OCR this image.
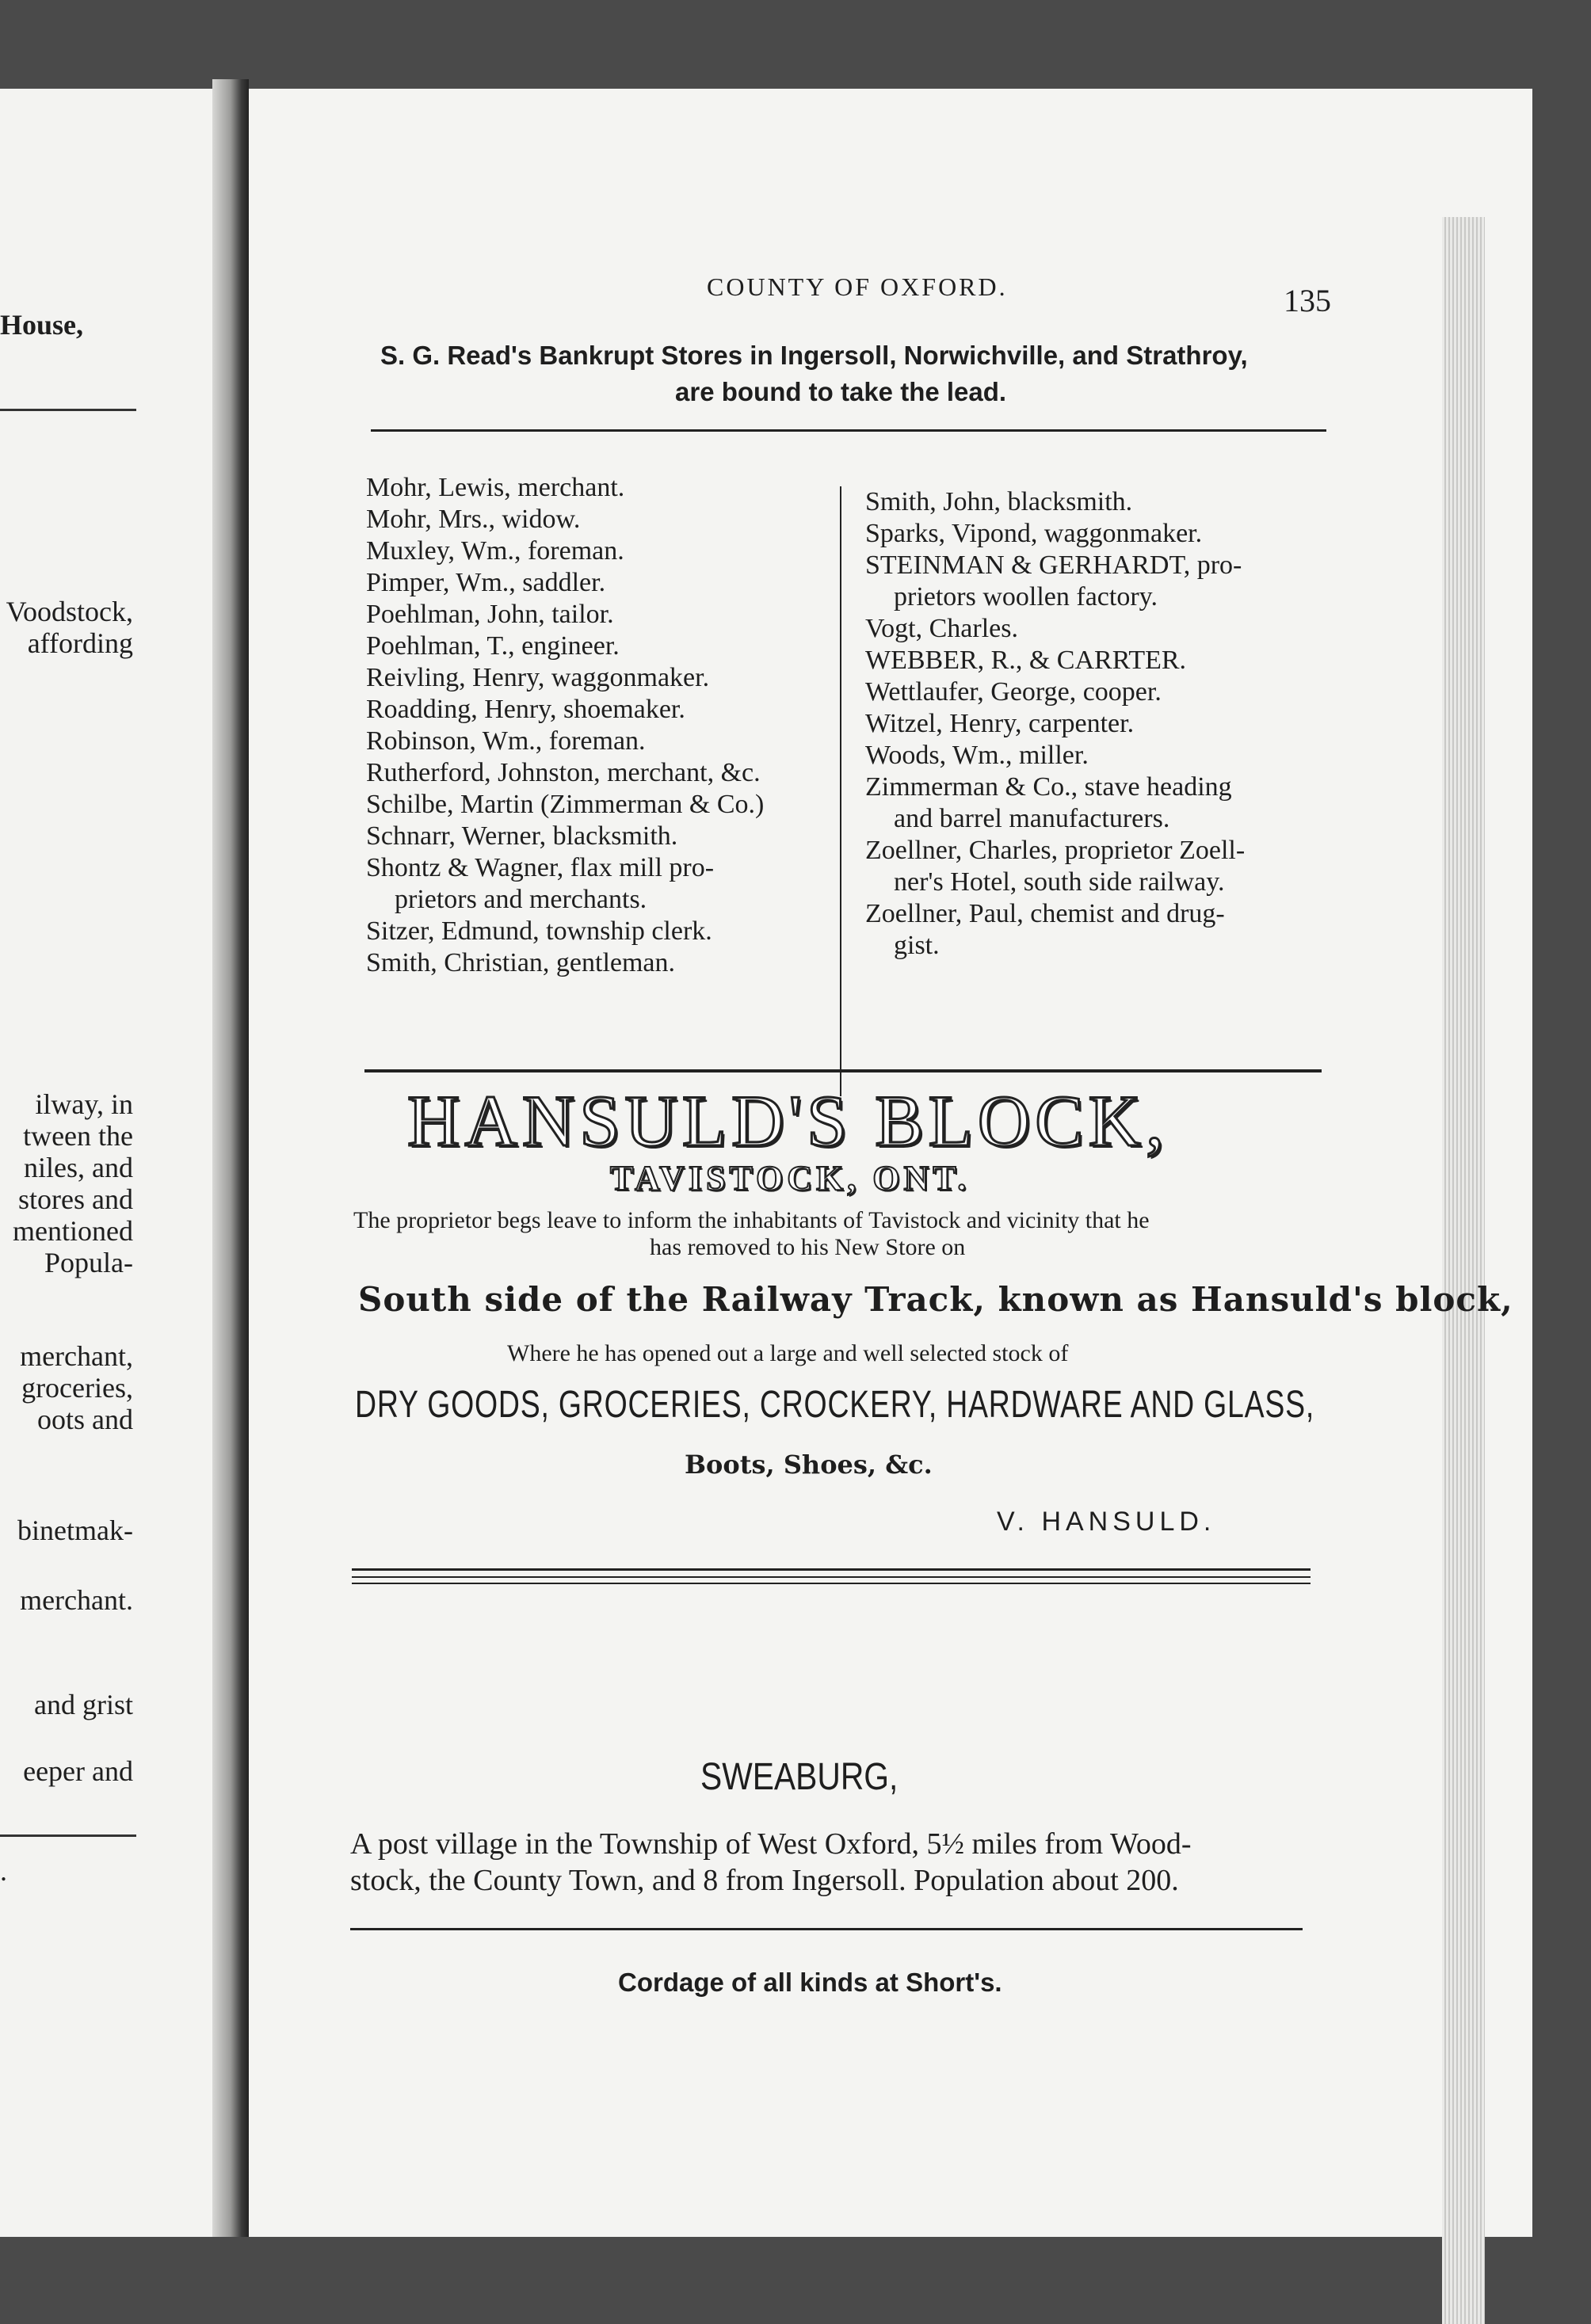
House,
Voodstock,
affording
ilway, in
tween the
niles, and
stores and
mentioned
Popula-
merchant,
groceries,
oots and
binetmak-
merchant.
and grist
eeper and
.
COUNTY OF OXFORD.	135
S. G. Read's Bankrupt Stores in Ingersoll, Norwichville, and Strathroy,
are bound to take the lead.
Mohr, Lewis, merchant.
Mohr, Mrs., widow.
Muxley, Wm., foreman.
Pimper, Wm., saddler.
Poehlman, John, tailor.
Poehlman, T., engineer.
Reivling, Henry, waggonmaker.
Roadding, Henry, shoemaker.
Robinson, Wm., foreman.
Rutherford, Johnston, merchant, &c.
Schilbe, Martin (Zimmerman & Co.)
Schnarr, Werner, blacksmith.
Shontz & Wagner, flax mill pro-
prietors and merchants.
Sitzer, Edmund, township clerk.
Smith, Christian, gentleman.
Smith, John, blacksmith.
Sparks, Vipond, waggonmaker.
STEINMAN & GERHARDT, pro-
prietors woollen factory.
Vogt, Charles.
WEBBER, R., & CARRTER.
Wettlaufer, George, cooper.
Witzel, Henry, carpenter.
Woods, Wm., miller.
Zimmerman & Co., stave heading
and barrel manufacturers.
Zoellner, Charles, proprietor Zoell-
ner's Hotel, south side railway.
Zoellner, Paul, chemist and drug-
gist.
HANSULD'S BLOCK,
TAVISTOCK, ONT.
The proprietor begs leave to inform the inhabitants of Tavistock and vicinity that he
has removed to his New Store on
South side of the Railway Track, known as Hansuld's block,
Where he has opened out a large and well selected stock of
DRY GOODS, GROCERIES, CROCKERY, HARDWARE AND GLASS,
Boots, Shoes, &c.
V. HANSULD.
SWEABURG,
A post village in the Township of West Oxford, 5½ miles from Wood-
stock, the County Town, and 8 from Ingersoll. Population about 200.
Cordage of all kinds at Short's.
